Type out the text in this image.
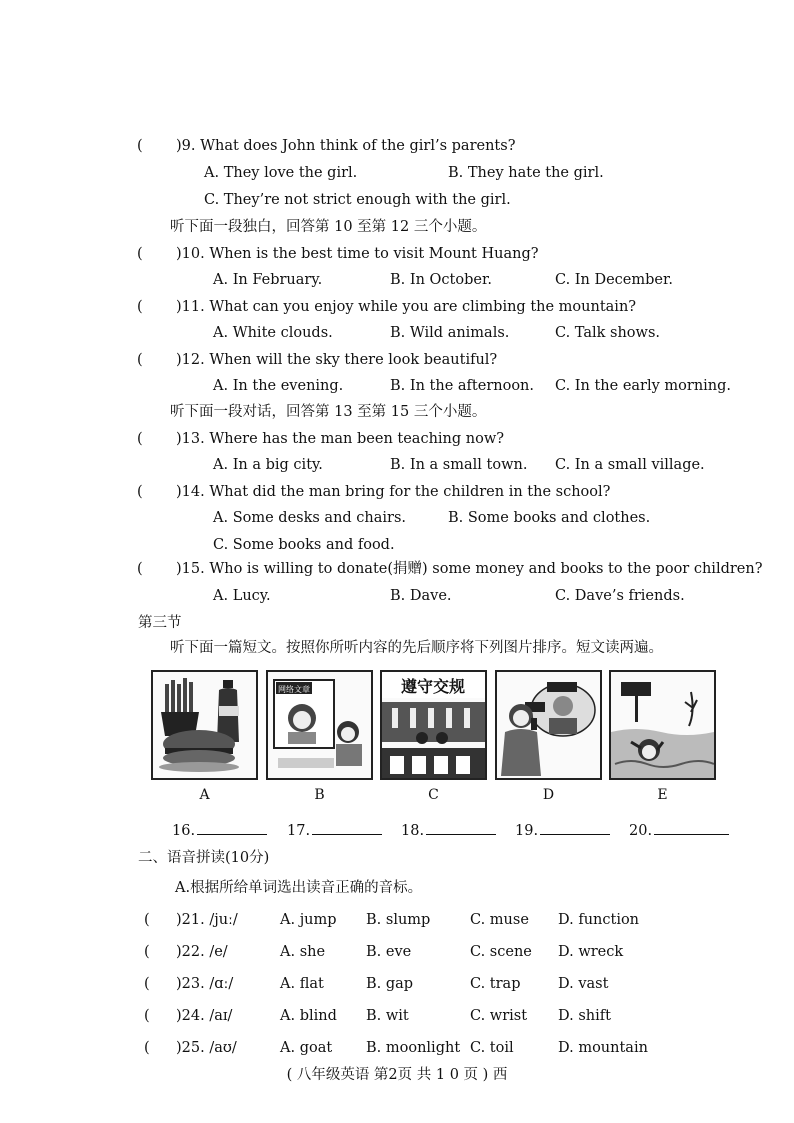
( )9. What does John think of the girl’s parents?
A. They love the girl.	B. They hate the girl.
C. They’re not strict enough with the girl.
听下面一段独白，回答第 10 至第 12 三个小题。
( )10. When is the best time to visit Mount Huang?
A. In February.	B. In October.	C. In December.
( )11. What can you enjoy while you are climbing the mountain?
A. White clouds.	B. Wild animals.	C. Talk shows.
( )12. When will the sky there look beautiful?
A. In the evening.	B. In the afternoon. C. In the early morning.
听下面一段对话，回答第 13 至第 15 三个小题。
( )13. Where has the man been teaching now?
A. In a big city.	B. In a small town. C. In a small village.
( )14. What did the man bring for the children in the school?
A. Some desks and chairs.	B. Some books and clothes.
C. Some books and food.
( )15. Who is willing to donate(捐赠) some money and books to the poor children?
A. Lucy.	B. Dave.	C. Dave’s friends.
第三节
听下面一篇短文。按照你所听内容的先后顺序将下列图片排序。短文读两遍。
网络文章	遵守交规
A	B	C	D	E
16.	17.	18.	19.	20.
二、语音拼读(10分)
A.根据所给单词选出读音正确的音标。
( )21. /juː/	A. jump B. slump	C. muse D. function
( )22. /e/	A. she	B. eve	C. scene D. wreck
( )23. /ɑː/	A. flat	B. gap	C. trap	D. vast
( )24. /aɪ/	A. blind B. wit	C. wrist D. shift
( )25. /aʊ/	A. goat B. moonlight C. toil	D. mountain
( 八年级英语 第2页 共 1 0 页 ) 西
